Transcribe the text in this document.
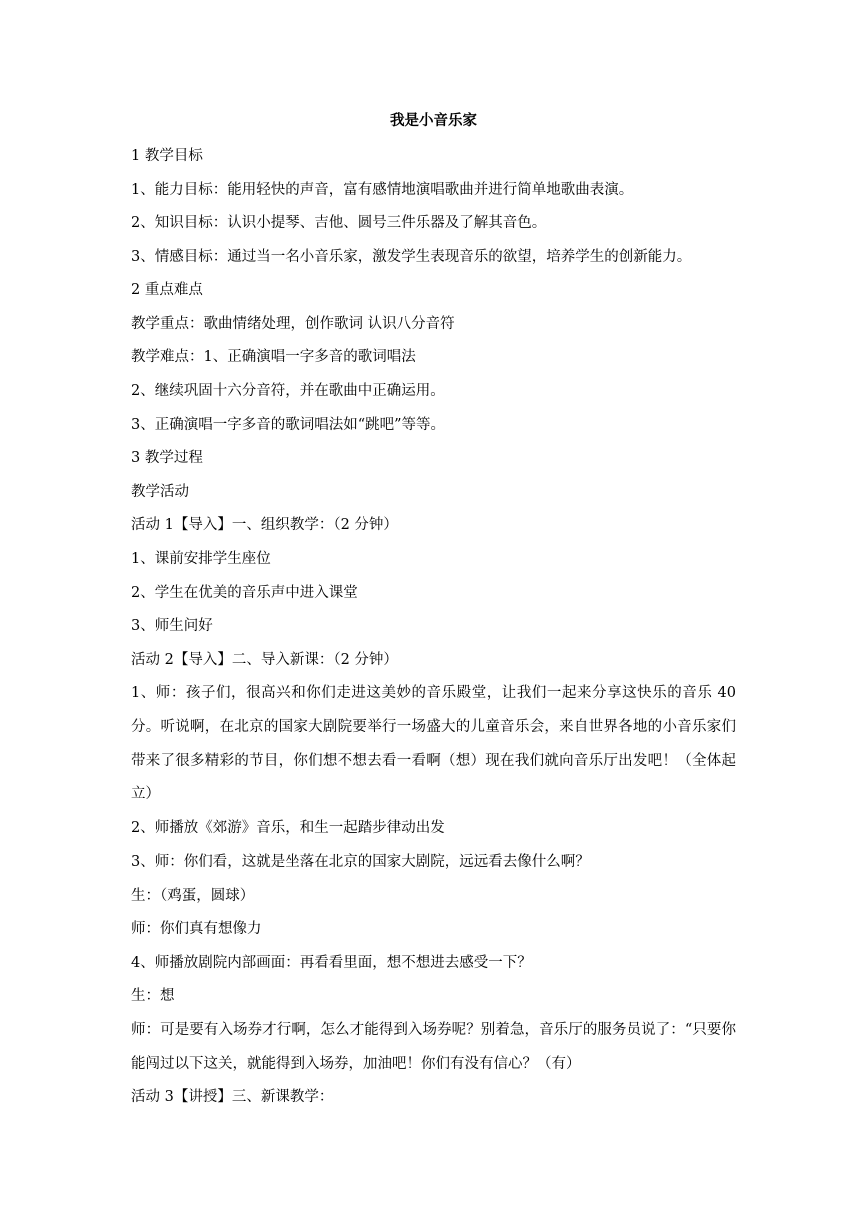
我是小音乐家
1 教学目标
1、能力目标：能用轻快的声音，富有感情地演唱歌曲并进行简单地歌曲表演。
2、知识目标：认识小提琴、吉他、圆号三件乐器及了解其音色。
3、情感目标：通过当一名小音乐家，激发学生表现音乐的欲望，培养学生的创新能力。
2 重点难点
教学重点：歌曲情绪处理，创作歌词 认识八分音符
教学难点：1、正确演唱一字多音的歌词唱法
2、继续巩固十六分音符，并在歌曲中正确运用。
3、正确演唱一字多音的歌词唱法如“跳吧”等等。
3 教学过程
教学活动
活动 1【导入】一、组织教学：（2 分钟）
1、课前安排学生座位
2、学生在优美的音乐声中进入课堂
3、师生问好
活动 2【导入】二、导入新课：（2 分钟）
1、师：孩子们，很高兴和你们走进这美妙的音乐殿堂，让我们一起来分享这快乐的音乐 40 分。听说啊，在北京的国家大剧院要举行一场盛大的儿童音乐会，来自世界各地的小音乐家们带来了很多精彩的节目，你们想不想去看一看啊（想）现在我们就向音乐厅出发吧！（全体起立）
2、师播放《郊游》音乐，和生一起踏步律动出发
3、师：你们看，这就是坐落在北京的国家大剧院，远远看去像什么啊？
生：（鸡蛋，圆球）
师：你们真有想像力
4、师播放剧院内部画面：再看看里面，想不想进去感受一下？
生：想
师：可是要有入场券才行啊，怎么才能得到入场券呢？别着急，音乐厅的服务员说了：“只要你能闯过以下这关，就能得到入场券，加油吧！你们有没有信心？（有）
活动 3【讲授】三、新课教学：
